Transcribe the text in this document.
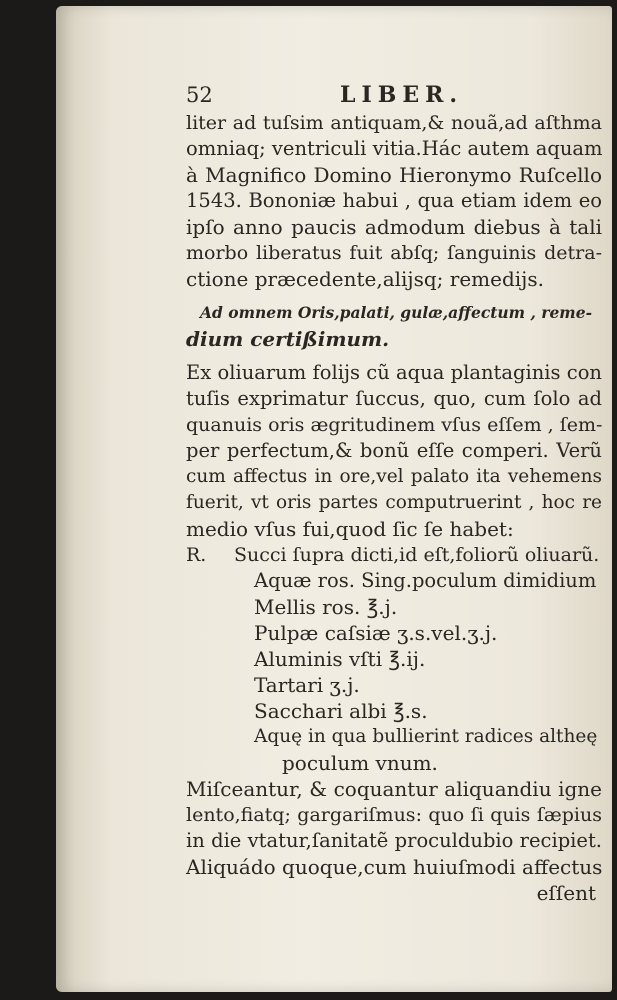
52	LIBER.
liter ad tuſsim antiquam,& nouã,ad aſthma
omniaq; ventriculi vitia.Hác autem aquam
à Magnifico Domino Hieronymo Ruſcello
1543. Bononiæ habui , qua etiam idem eo
ipſo anno paucis admodum diebus à tali
morbo liberatus fuit abſq; ſanguinis detra-
ctione præcedente,alijsq; remedijs.
Ad omnem Oris,palati, gulæ,affectum , reme-
dium certißimum.
Ex oliuarum folijs cũ aqua plantaginis con
tuſis exprimatur ſuccus, quo, cum ſolo ad
quanuis oris ægritudinem vſus eſſem , ſem-
per perfectum,& bonũ eſſe comperi. Verũ
cum affectus in ore,vel palato ita vehemens
fuerit, vt oris partes computruerint , hoc re
medio vſus fui,quod ſic ſe habet:
R. Succi ſupra dicti,id eſt,foliorũ oliuarũ.
Aquæ ros. Sing.poculum dimidium
Mellis ros. ℥.j.
Pulpæ caſsiæ ʒ.s.vel.ʒ.j.
Aluminis vſti ℥.ij.
Tartari ʒ.j.
Sacchari albi ℥.s.
Aquę in qua bullierint radices altheę
poculum vnum.
Miſceantur, & coquantur aliquandiu igne
lento,fiatq; gargariſmus: quo ſi quis ſæpius
in die vtatur,ſanitatẽ proculdubio recipiet.
Aliquádo quoque,cum huiuſmodi affectus
eſſent
